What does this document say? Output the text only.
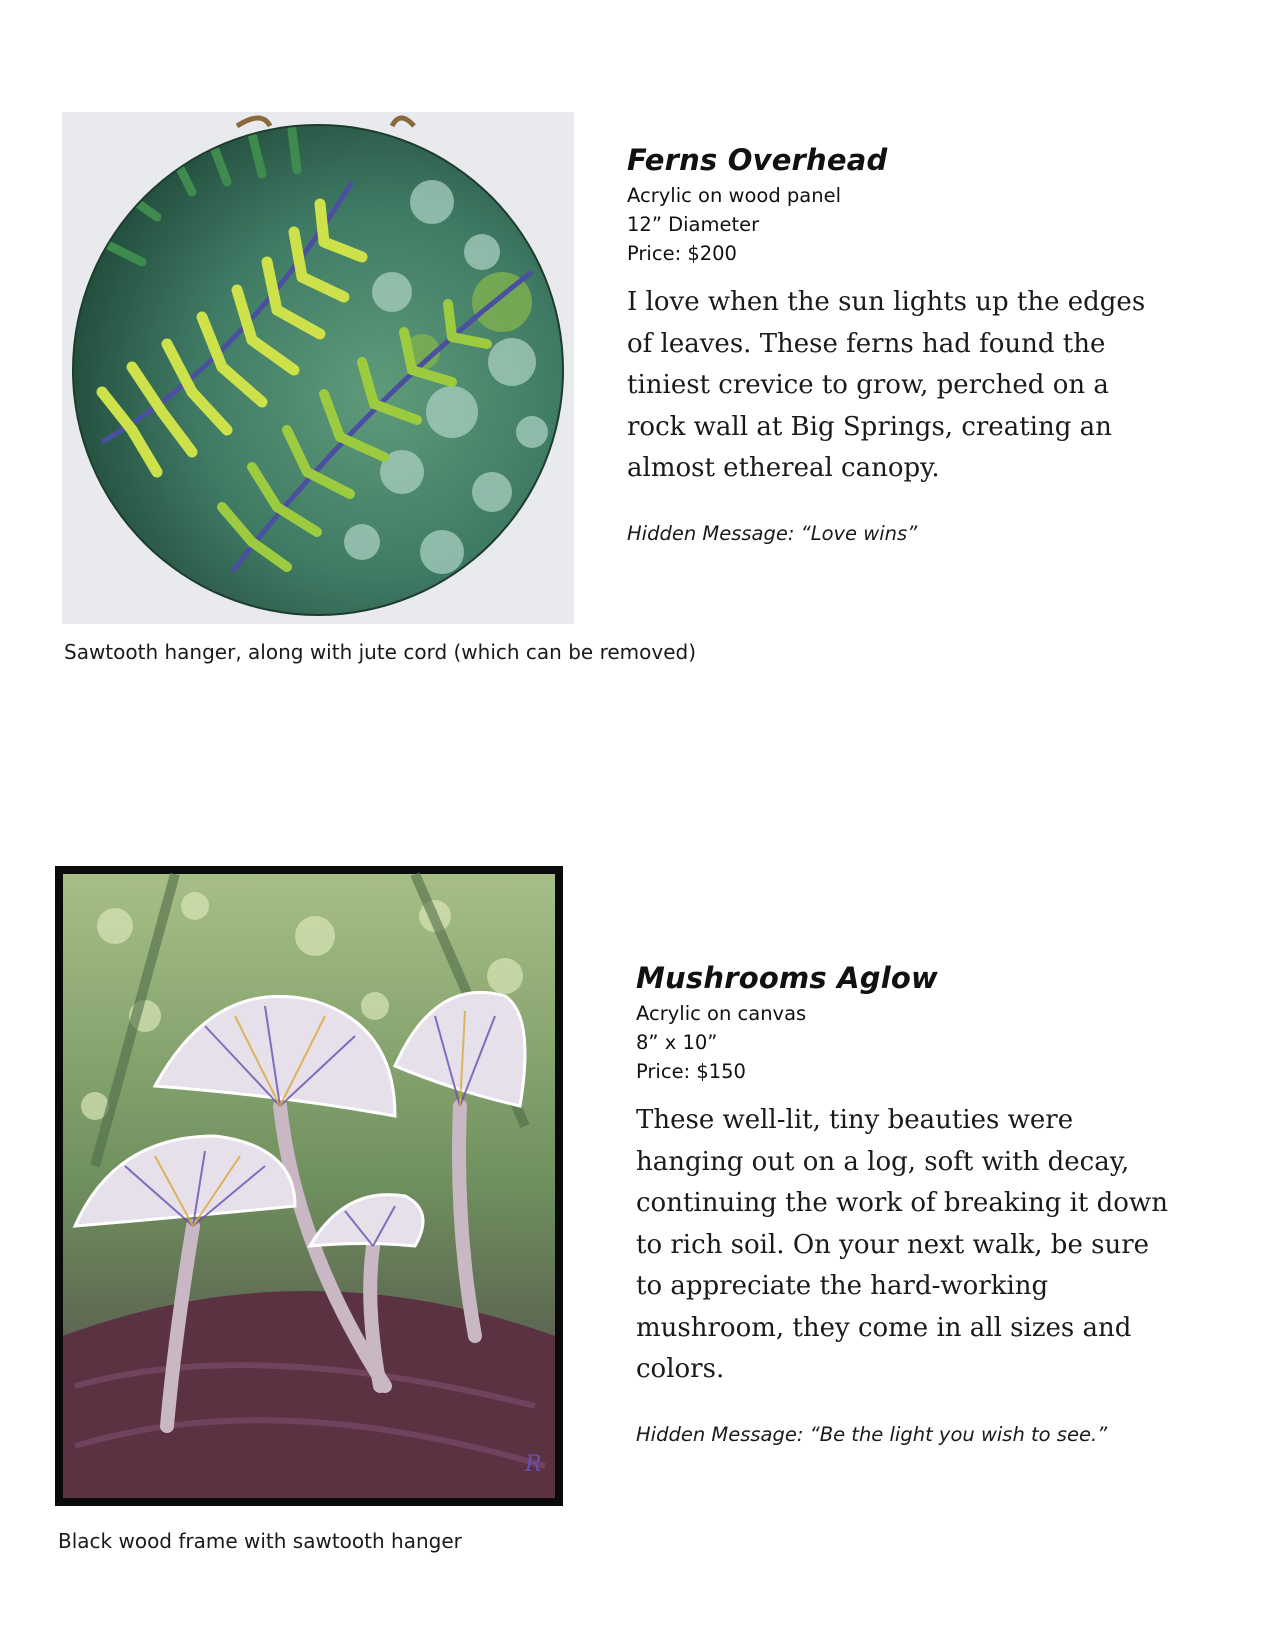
Sawtooth hanger, along with jute cord (which can be removed)
Ferns Overhead

Acrylic on wood panel

12” Diameter

Price: $200

I love when the sun lights up the edges of leaves. These ferns had found the tiniest crevice to grow, perched on a rock wall at Big Springs, creating an almost ethereal canopy.

Hidden Message: “Love wins”

R
Black wood frame with sawtooth hanger
Mushrooms Aglow

Acrylic on canvas

8” x 10”

Price: $150

These well-lit, tiny beauties were hanging out on a log, soft with decay, continuing the work of breaking it down to rich soil. On your next walk, be sure to appreciate the hard-working mushroom, they come in all sizes and colors.

Hidden Message: “Be the light you wish to see.”
